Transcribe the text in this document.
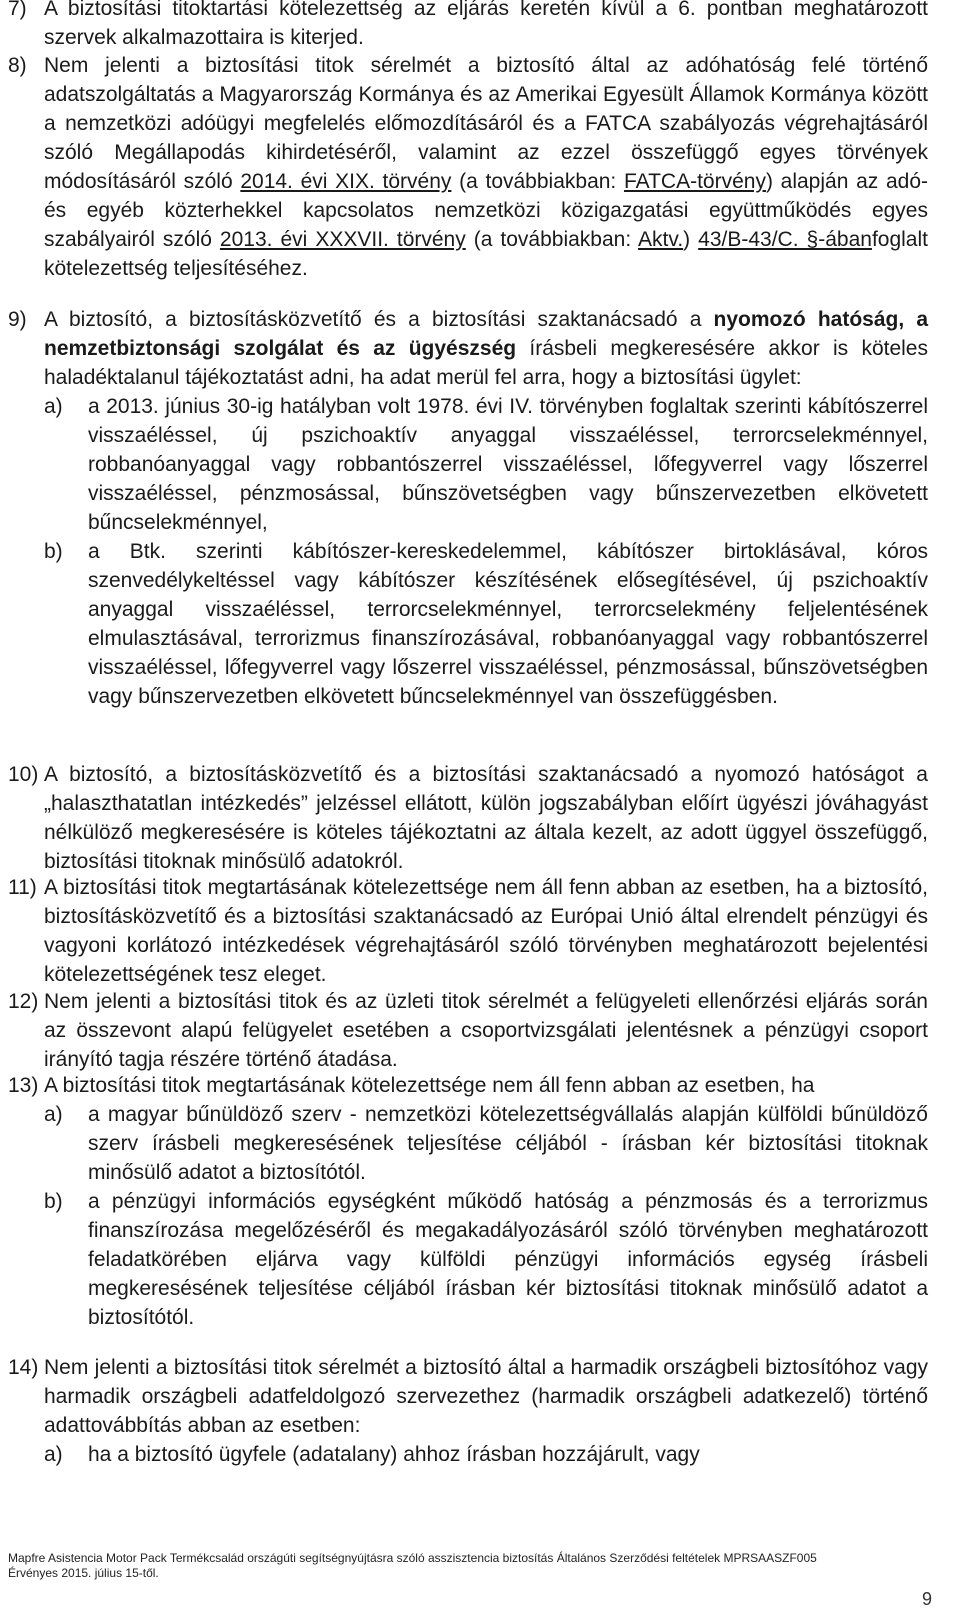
7) A biztosítási titoktartási kötelezettség az eljárás keretén kívül a 6. pontban meghatározott szervek alkalmazottaira is kiterjed.
8) Nem jelenti a biztosítási titok sérelmét a biztosító által az adóhatóság felé történő adatszolgáltatás a Magyarország Kormánya és az Amerikai Egyesült Államok Kormánya között a nemzetközi adóügyi megfelelés előmozdításáról és a FATCA szabályozás végrehajtásáról szóló Megállapodás kihirdetéséről, valamint az ezzel összefüggő egyes törvények módosításáról szóló 2014. évi XIX. törvény (a továbbiakban: FATCA-törvény) alapján az adó- és egyéb közterhekkel kapcsolatos nemzetközi közigazgatási együttműködés egyes szabályairól szóló 2013. évi XXXVII. törvény (a továbbiakban: Aktv.) 43/B-43/C. §-ábanfoglalt kötelezettség teljesítéséhez.
9) A biztosító, a biztosításközvetítő és a biztosítási szaktanácsadó a nyomozó hatóság, a nemzetbiztonsági szolgálat és az ügyészség írásbeli megkeresésére akkor is köteles haladéktalanul tájékoztatást adni, ha adat merül fel arra, hogy a biztosítási ügylet:
a) a 2013. június 30-ig hatályban volt 1978. évi IV. törvényben foglaltak szerinti kábítószerrel visszaéléssel, új pszichoaktív anyaggal visszaéléssel, terrorcselekménnyel, robbanóanyaggal vagy robbantószerrel visszaéléssel, lőfegyverrel vagy lőszerrel visszaéléssel, pénzmosással, bűnszövetségben vagy bűnszervezetben elkövetett bűncselekménnyel,
b) a Btk. szerinti kábítószer-kereskedelemmel, kábítószer birtoklásával, kóros szenvedélykeltéssel vagy kábítószer készítésének elősegítésével, új pszichoaktív anyaggal visszaéléssel, terrorcselekménnyel, terrorcselekmény feljelentésének elmulasztásával, terrorizmus finanszírozásával, robbanóanyaggal vagy robbantószerrel visszaéléssel, lőfegyverrel vagy lőszerrel visszaéléssel, pénzmosással, bűnszövetségben vagy bűnszervezetben elkövetett bűncselekménnyel van összefüggésben.
10) A biztosító, a biztosításközvetítő és a biztosítási szaktanácsadó a nyomozó hatóságot a „halaszthatatlan intézkedés” jelzéssel ellátott, külön jogszabályban előírt ügyészi jóváhagyást nélkülöző megkeresésére is köteles tájékoztatni az általa kezelt, az adott üggyel összefüggő, biztosítási titoknak minősülő adatokról.
11) A biztosítási titok megtartásának kötelezettsége nem áll fenn abban az esetben, ha a biztosító, biztosításközvetítő és a biztosítási szaktanácsadó az Európai Unió által elrendelt pénzügyi és vagyoni korlátozó intézkedések végrehajtásáról szóló törvényben meghatározott bejelentési kötelezettségének tesz eleget.
12) Nem jelenti a biztosítási titok és az üzleti titok sérelmét a felügyeleti ellenőrzési eljárás során az összevont alapú felügyelet esetében a csoportvizsgálati jelentésnek a pénzügyi csoport irányító tagja részére történő átadása.
13) A biztosítási titok megtartásának kötelezettsége nem áll fenn abban az esetben, ha
a) a magyar bűnüldöző szerv - nemzetközi kötelezettségvállalás alapján külföldi bűnüldöző szerv írásbeli megkeresésének teljesítése céljából - írásban kér biztosítási titoknak minősülő adatot a biztosítótól.
b) a pénzügyi információs egységként működő hatóság a pénzmosás és a terrorizmus finanszírozása megelőzéséről és megakadályozásáról szóló törvényben meghatározott feladatkörében eljárva vagy külföldi pénzügyi információs egység írásbeli megkeresésének teljesítése céljából írásban kér biztosítási titoknak minősülő adatot a biztosítótól.
14) Nem jelenti a biztosítási titok sérelmét a biztosító által a harmadik országbeli biztosítóhoz vagy harmadik országbeli adatfeldolgozó szervezethez (harmadik országbeli adatkezelő) történő adattovábbítás abban az esetben:
a) ha a biztosító ügyfele (adatalany) ahhoz írásban hozzájárult, vagy
Mapfre Asistencia Motor Pack Termékcsalád országúti segítségnyújtásra szóló asszisztencia biztosítás Általános Szerződési feltételek MPRSAASZF005
Érvényes 2015. július 15-től.
9
